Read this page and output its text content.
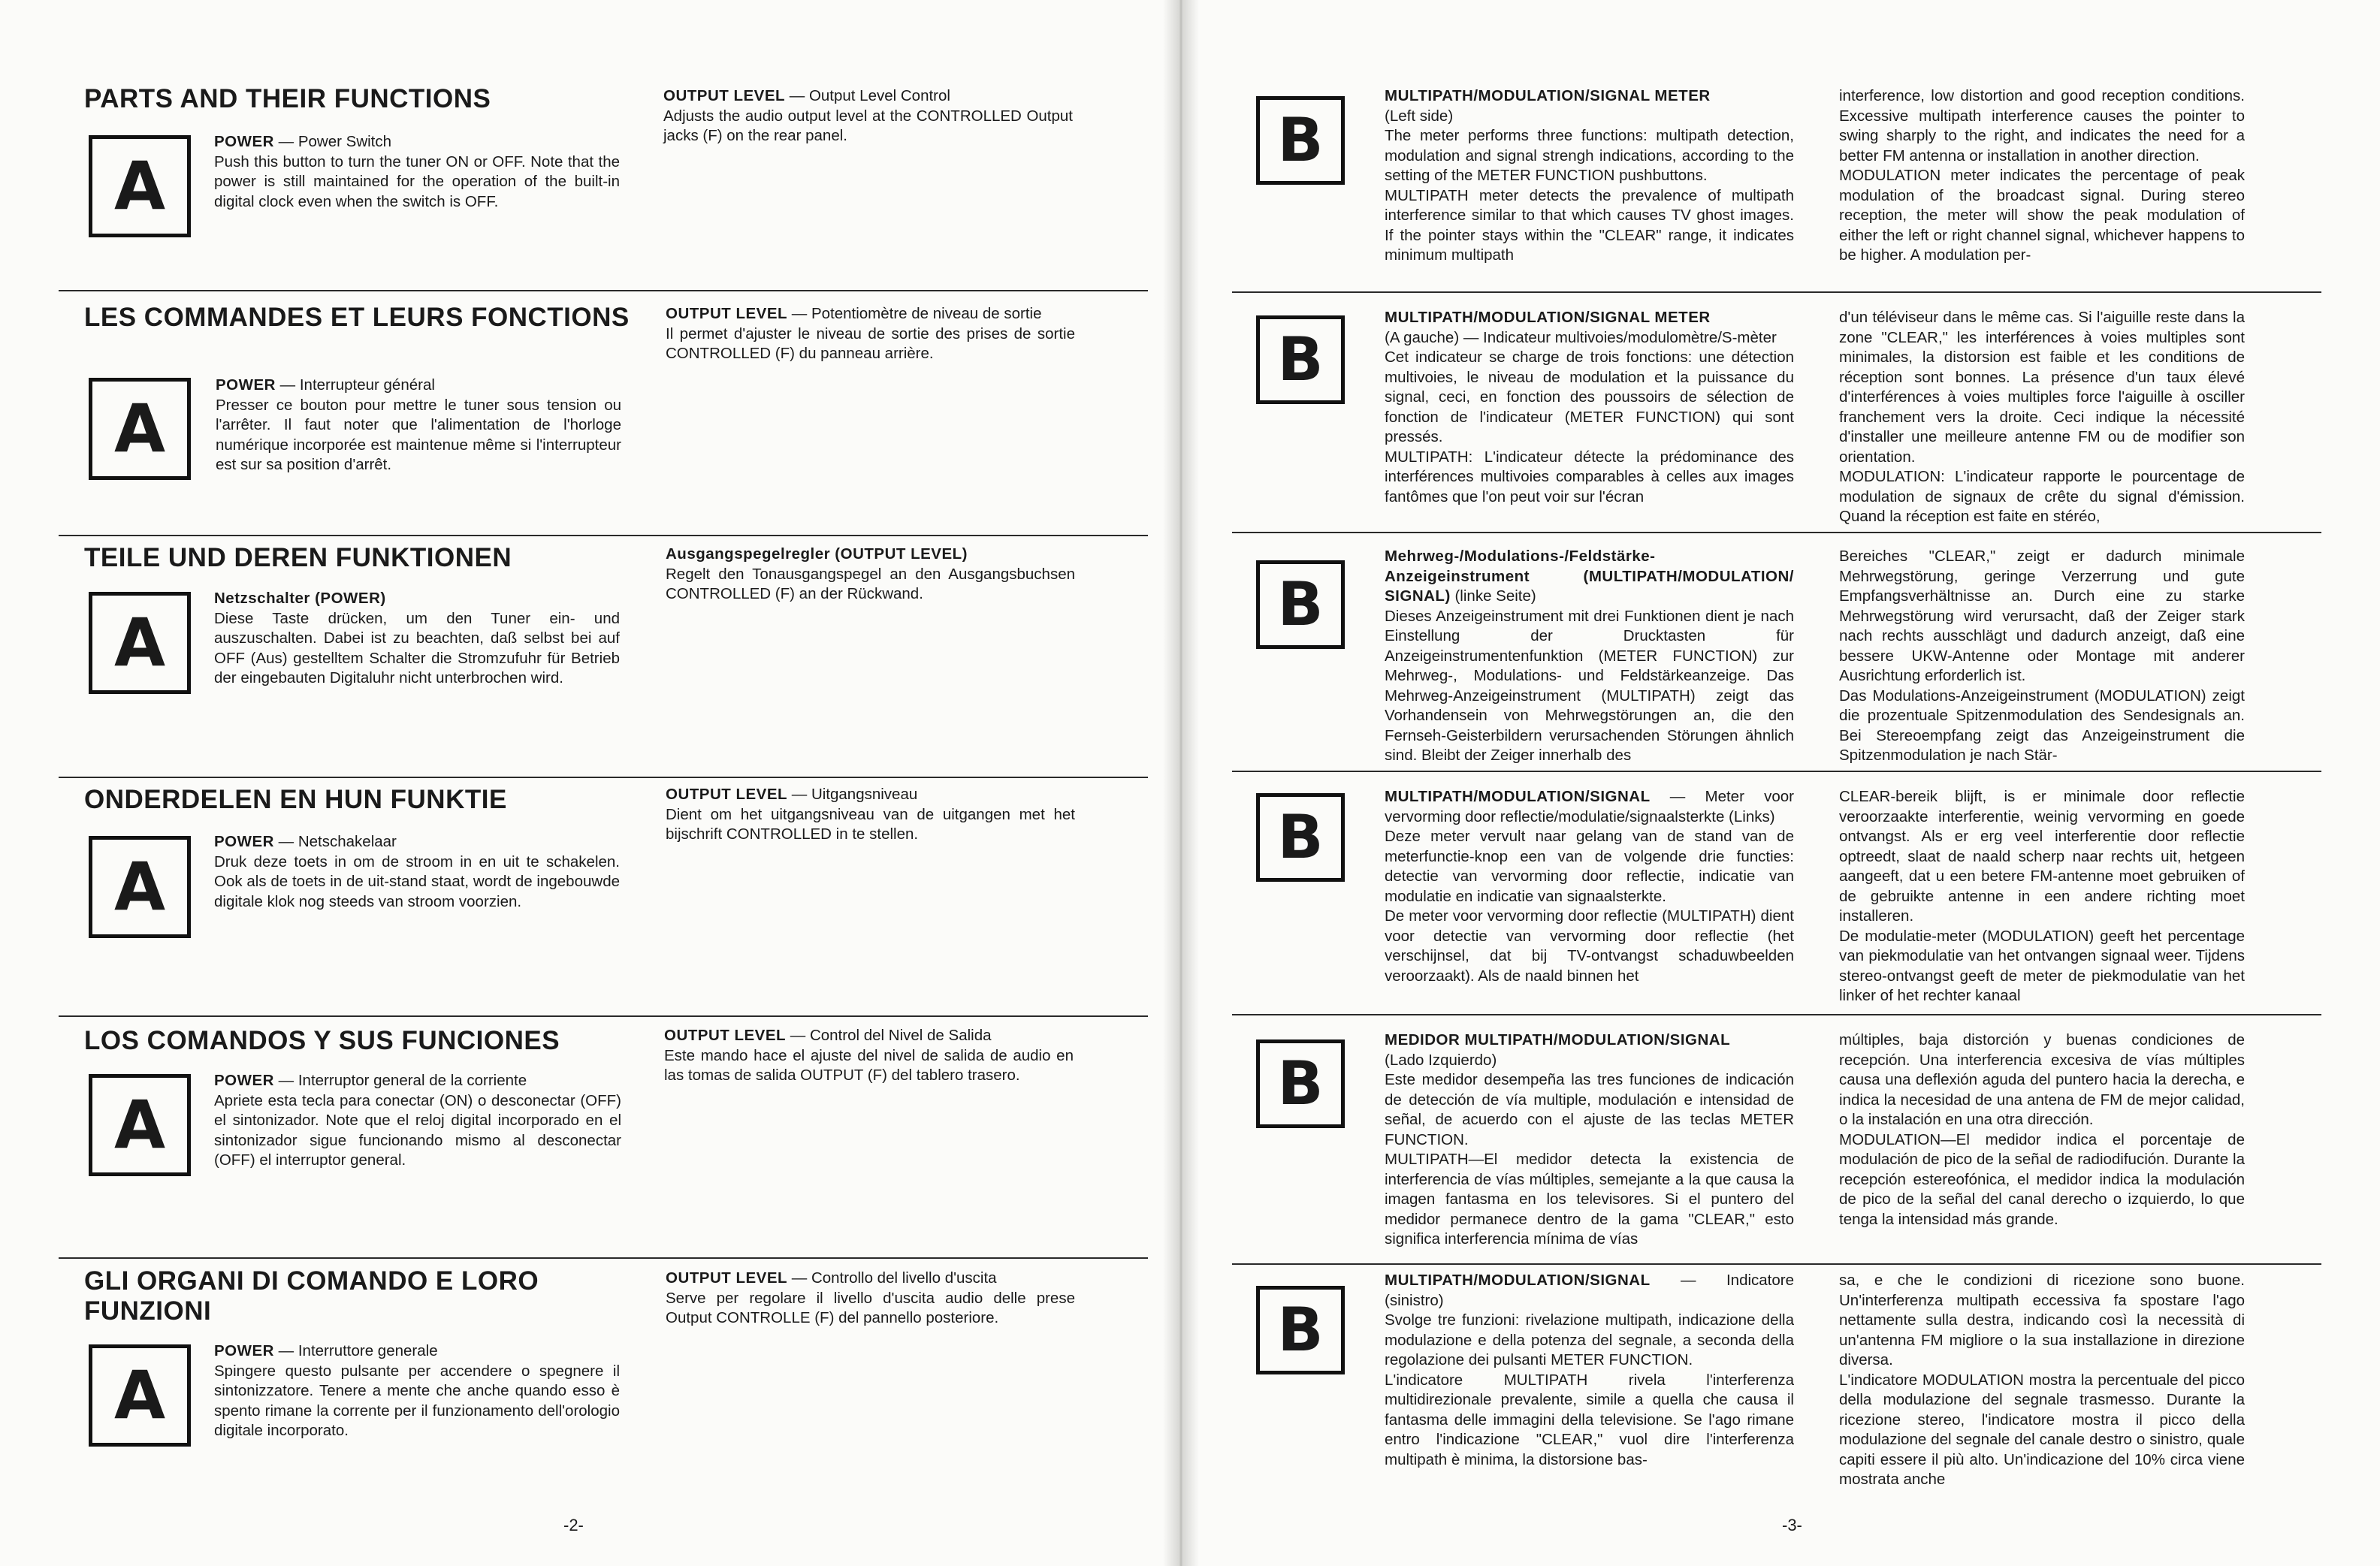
PARTS AND THEIR FUNCTIONS
A
POWER — Power Switch
Push this button to turn the tuner ON or OFF. Note that the power is still maintained for the operation of the built-in digital clock even when the switch is OFF.
OUTPUT LEVEL — Output Level Control
Adjusts the audio output level at the CONTROLLED Output jacks (F) on the rear panel.
LES COMMANDES ET LEURS FONCTIONS
A
POWER — Interrupteur général
Presser ce bouton pour mettre le tuner sous tension ou l'arrêter. Il faut noter que l'alimentation de l'horloge numérique incorporée est maintenue même si l'interrupteur est sur sa position d'arrêt.
OUTPUT LEVEL — Potentiomètre de niveau de sortie
Il permet d'ajuster le niveau de sortie des prises de sortie CONTROLLED (F) du panneau arrière.
TEILE UND DEREN FUNKTIONEN
A
Netzschalter (POWER)
Diese Taste drücken, um den Tuner ein- und auszuschalten. Dabei ist zu beachten, daß selbst bei auf OFF (Aus) gestelltem Schalter die Stromzufuhr für Betrieb der eingebauten Digitaluhr nicht unterbrochen wird.
Ausgangspegelregler (OUTPUT LEVEL)
Regelt den Tonausgangspegel an den Ausgangsbuchsen CONTROLLED (F) an der Rückwand.
ONDERDELEN EN HUN FUNKTIE
A
POWER — Netschakelaar
Druk deze toets in om de stroom in en uit te schakelen. Ook als de toets in de uit-stand staat, wordt de ingebouwde digitale klok nog steeds van stroom voorzien.
OUTPUT LEVEL — Uitgangsniveau
Dient om het uitgangsniveau van de uitgangen met het bijschrift CONTROLLED in te stellen.
LOS COMANDOS Y SUS FUNCIONES
A
POWER — Interruptor general de la corriente
Apriete esta tecla para conectar (ON) o desconectar (OFF) el sintonizador. Note que el reloj digital incorporado en el sintonizador sigue funcionando mismo al desconectar (OFF) el interruptor general.
OUTPUT LEVEL — Control del Nivel de Salida
Este mando hace el ajuste del nivel de salida de audio en las tomas de salida OUTPUT (F) del tablero trasero.
GLI ORGANI DI COMANDO E LORO FUNZIONI
A
POWER — Interruttore generale
Spingere questo pulsante per accendere o spegnere il sintonizzatore. Tenere a mente che anche quando esso è spento rimane la corrente per il funzionamento dell'orologio digitale incorporato.
OUTPUT LEVEL — Controllo del livello d'uscita
Serve per regolare il livello d'uscita audio delle prese Output CONTROLLE (F) del pannello posteriore.
-2-
B
MULTIPATH/MODULATION/SIGNAL METER
(Left side)
The meter performs three functions: multipath detection, modulation and signal strengh indications, according to the setting of the METER FUNCTION pushbuttons.
MULTIPATH meter detects the prevalence of multipath interference similar to that which causes TV ghost images. If the pointer stays within the "CLEAR" range, it indicates minimum multipath
interference, low distortion and good reception conditions. Excessive multipath interference causes the pointer to swing sharply to the right, and indicates the need for a better FM antenna or installation in another direction.
MODULATION meter indicates the percentage of peak modulation of the broadcast signal. During stereo reception, the meter will show the peak modulation of either the left or right channel signal, whichever happens to be higher. A modulation per-
B
MULTIPATH/MODULATION/SIGNAL METER
(A gauche) — Indicateur multivoies/modulomètre/S-mèter
Cet indicateur se charge de trois fonctions: une détection multivoies, le niveau de modulation et la puissance du signal, ceci, en fonction des poussoirs de sélection de fonction de l'indicateur (METER FUNCTION) qui sont pressés.
MULTIPATH: L'indicateur détecte la prédominance des interférences multivoies comparables à celles aux images fantômes que l'on peut voir sur l'écran
d'un téléviseur dans le même cas. Si l'aiguille reste dans la zone "CLEAR," les interférences à voies multiples sont minimales, la distorsion est faible et les conditions de réception sont bonnes. La présence d'un taux élevé d'interférences à voies multiples force l'aiguille à osciller franchement vers la droite. Ceci indique la nécessité d'installer une meilleure antenne FM ou de modifier son orientation.
MODULATION: L'indicateur rapporte le pourcentage de modulation de signaux de crête du signal d'émission. Quand la réception est faite en stéréo,
B
Mehrweg-/Modulations-/Feldstärke-Anzeigeinstrument (MULTIPATH/MODULATION/ SIGNAL) (linke Seite)
Dieses Anzeigeinstrument mit drei Funktionen dient je nach Einstellung der Drucktasten für Anzeigeinstrumentenfunktion (METER FUNCTION) zur Mehrweg-, Modulations- und Feldstärkeanzeige. Das Mehrweg-Anzeigeinstrument (MULTIPATH) zeigt das Vorhandensein von Mehrwegstörungen an, die den Fernseh-Geisterbildern verursachenden Störungen ähnlich sind. Bleibt der Zeiger innerhalb des
Bereiches "CLEAR," zeigt er dadurch minimale Mehrwegstörung, geringe Verzerrung und gute Empfangsverhältnisse an. Durch eine zu starke Mehrwegstörung wird verursacht, daß der Zeiger stark nach rechts ausschlägt und dadurch anzeigt, daß eine bessere UKW-Antenne oder Montage mit anderer Ausrichtung erforderlich ist.
Das Modulations-Anzeigeinstrument (MODULATION) zeigt die prozentuale Spitzenmodulation des Sendesignals an. Bei Stereoempfang zeigt das Anzeigeinstrument die Spitzenmodulation je nach Stär-
B
MULTIPATH/MODULATION/SIGNAL — Meter voor vervorming door reflectie/modulatie/signaalsterkte (Links)
Deze meter vervult naar gelang van de stand van de meterfunctie-knop een van de volgende drie functies: detectie van vervorming door reflectie, indicatie van modulatie en indicatie van signaalsterkte.
De meter voor vervorming door reflectie (MULTIPATH) dient voor detectie van vervorming door reflectie (het verschijnsel, dat bij TV-ontvangst schaduwbeelden veroorzaakt). Als de naald binnen het
CLEAR-bereik blijft, is er minimale door reflectie veroorzaakte interferentie, weinig vervorming en goede ontvangst. Als er erg veel interferentie door reflectie optreedt, slaat de naald scherp naar rechts uit, hetgeen aangeeft, dat u een betere FM-antenne moet gebruiken of de gebruikte antenne in een andere richting moet installeren.
De modulatie-meter (MODULATION) geeft het percentage van piekmodulatie van het ontvangen signaal weer. Tijdens stereo-ontvangst geeft de meter de piekmodulatie van het linker of het rechter kanaal
B
MEDIDOR MULTIPATH/MODULATION/SIGNAL
(Lado Izquierdo)
Este medidor desempeña las tres funciones de indicación de detección de vía multiple, modulación e intensidad de señal, de acuerdo con el ajuste de las teclas METER FUNCTION.
MULTIPATH—El medidor detecta la existencia de interferencia de vías múltiples, semejante a la que causa la imagen fantasma en los televisores. Si el puntero del medidor permanece dentro de la gama "CLEAR," esto significa interferencia mínima de vías
múltiples, baja distorción y buenas condiciones de recepción. Una interferencia excesiva de vías múltiples causa una deflexión aguda del puntero hacia la derecha, e indica la necesidad de una antena de FM de mejor calidad, o la instalación en una otra dirección.
MODULATION—El medidor indica el porcentaje de modulación de pico de la señal de radiodifución. Durante la recepción estereofónica, el medidor indica la modulación de pico de la señal del canal derecho o izquierdo, lo que tenga la intensidad más grande.
B
MULTIPATH/MODULATION/SIGNAL — Indicatore (sinistro)
Svolge tre funzioni: rivelazione multipath, indicazione della modulazione e della potenza del segnale, a seconda della regolazione dei pulsanti METER FUNCTION.
L'indicatore MULTIPATH rivela l'interferenza multidirezionale prevalente, simile a quella che causa il fantasma delle immagini della televisione. Se l'ago rimane entro l'indicazione "CLEAR," vuol dire l'interferenza multipath è minima, la distorsione bas-
sa, e che le condizioni di ricezione sono buone. Un'interferenza multipath eccessiva fa spostare l'ago nettamente sulla destra, indicando così la necessità di un'antenna FM migliore o la sua installazione in direzione diversa.
L'indicatore MODULATION mostra la percentuale del picco della modulazione del segnale trasmesso. Durante la ricezione stereo, l'indicatore mostra il picco della modulazione del segnale del canale destro o sinistro, quale capiti essere il più alto. Un'indicazione del 10% circa viene mostrata anche
-3-
